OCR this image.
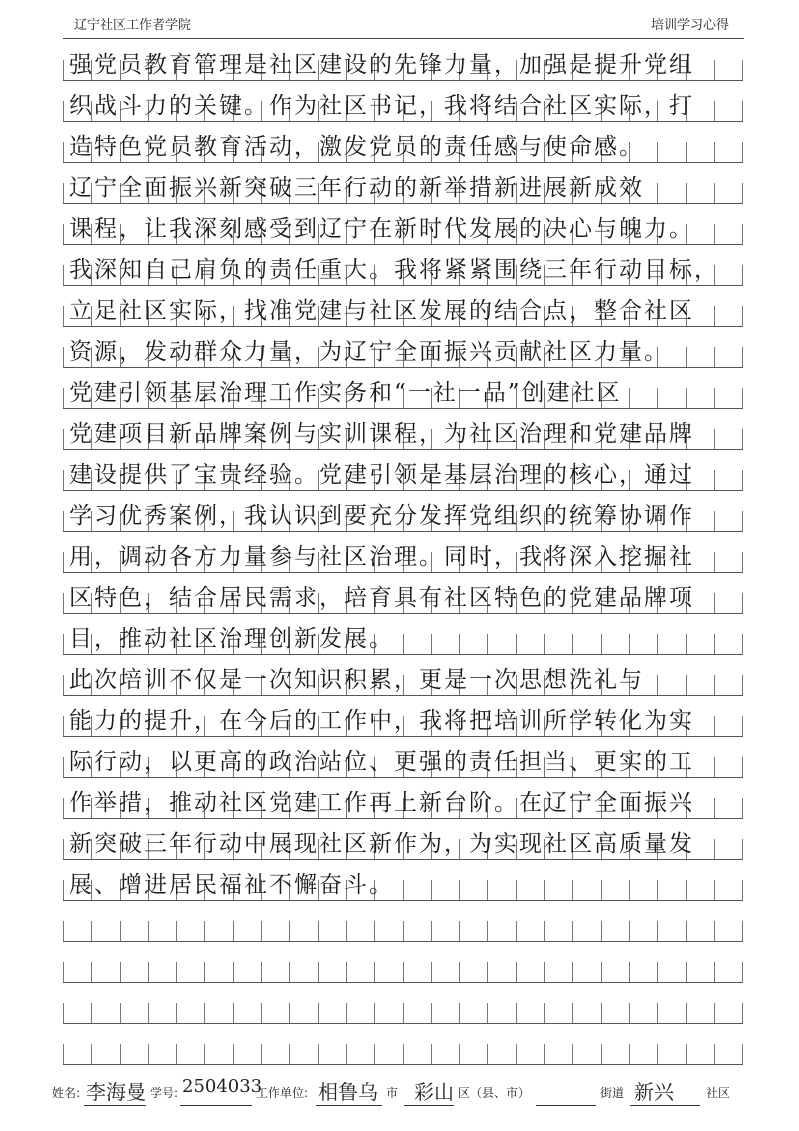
辽宁社区工作者学院	培训学习心得
强党员教育管理是社区建设的先锋力量，加强是提升党组
织战斗力的关键。作为社区书记，我将结合社区实际，打
造特色党员教育活动，激发党员的责任感与使命感。
辽宁全面振兴新突破三年行动的新举措新进展新成效
课程，让我深刻感受到辽宁在新时代发展的决心与魄力。
我深知自己肩负的责任重大。我将紧紧围绕三年行动目标，
立足社区实际，找准党建与社区发展的结合点，整合社区
资源，发动群众力量，为辽宁全面振兴贡献社区力量。
党建引领基层治理工作实务和“一社一品”创建社区
党建项目新品牌案例与实训课程，为社区治理和党建品牌
建设提供了宝贵经验。党建引领是基层治理的核心，通过
学习优秀案例，我认识到要充分发挥党组织的统筹协调作
用，调动各方力量参与社区治理。同时，我将深入挖掘社
区特色，结合居民需求，培育具有社区特色的党建品牌项
目，推动社区治理创新发展。
此次培训不仅是一次知识积累，更是一次思想洗礼与
能力的提升，在今后的工作中，我将把培训所学转化为实
际行动，以更高的政治站位、更强的责任担当、更实的工
作举措，推动社区党建工作再上新台阶。在辽宁全面振兴
新突破三年行动中展现社区新作为，为实现社区高质量发
展、增进居民福祉不懈奋斗。
姓名: 李海曼 学号: 2504033
工作单位: 相鲁乌 市 彩山 区（县、市）	街道 新兴	社区
